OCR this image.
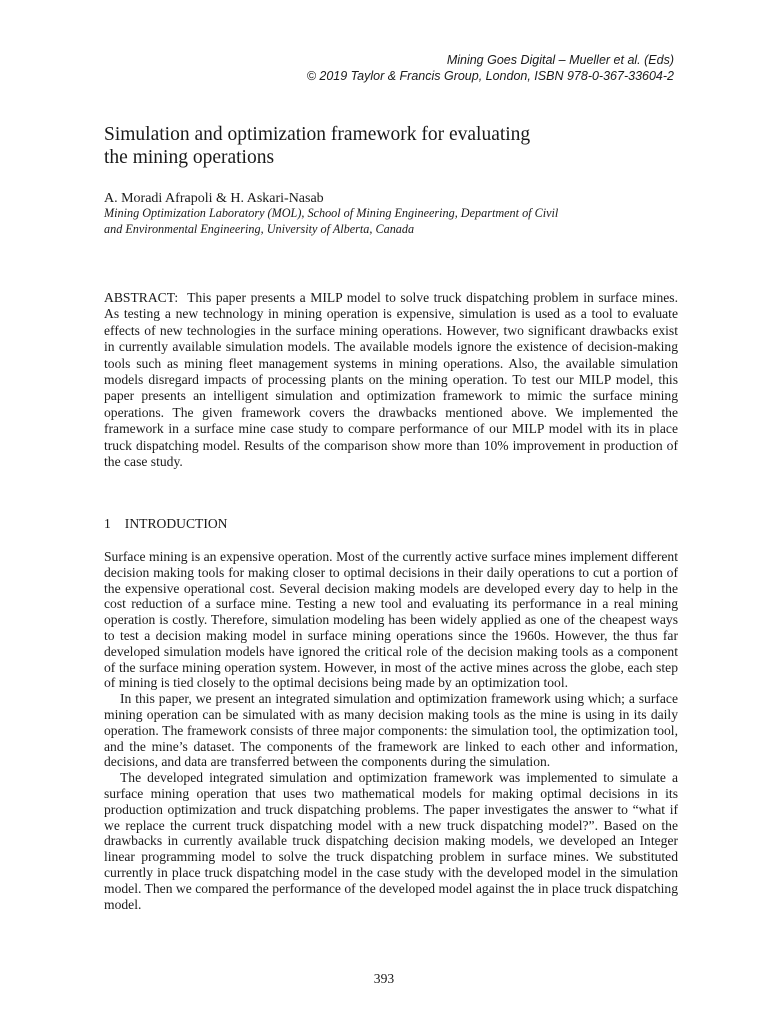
Mining Goes Digital – Mueller et al. (Eds)
© 2019 Taylor & Francis Group, London, ISBN 978-0-367-33604-2
Simulation and optimization framework for evaluating
the mining operations
A. Moradi Afrapoli & H. Askari-Nasab
Mining Optimization Laboratory (MOL), School of Mining Engineering, Department of Civil
and Environmental Engineering, University of Alberta, Canada

ABSTRACT: This paper presents a MILP model to solve truck dispatching problem in surface mines. As testing a new technology in mining operation is expensive, simulation is used as a tool to evaluate effects of new technologies in the surface mining operations. However, two significant drawbacks exist in currently available simulation models. The available models ignore the existence of decision-making tools such as mining fleet management systems in mining operations. Also, the available simulation models disregard impacts of processing plants on the mining operation. To test our MILP model, this paper presents an intelligent simulation and optimization framework to mimic the surface mining operations. The given framework covers the drawbacks mentioned above. We implemented the framework in a surface mine case study to compare performance of our MILP model with its in place truck dispatching model. Results of the comparison show more than 10% improvement in production of the case study.

1 INTRODUCTION

Surface mining is an expensive operation. Most of the currently active surface mines implement different decision making tools for making closer to optimal decisions in their daily operations to cut a portion of the expensive operational cost. Several decision making models are developed every day to help in the cost reduction of a surface mine. Testing a new tool and evaluating its performance in a real mining operation is costly. Therefore, simulation modeling has been widely applied as one of the cheapest ways to test a decision making model in surface mining operations since the 1960s. However, the thus far developed simulation models have ignored the critical role of the decision making tools as a component of the surface mining operation system. However, in most of the active mines across the globe, each step of mining is tied closely to the optimal decisions being made by an optimization tool.

In this paper, we present an integrated simulation and optimization framework using which; a surface mining operation can be simulated with as many decision making tools as the mine is using in its daily operation. The framework consists of three major components: the simulation tool, the optimization tool, and the mine’s dataset. The components of the framework are linked to each other and information, decisions, and data are transferred between the components during the simulation.

The developed integrated simulation and optimization framework was implemented to simulate a surface mining operation that uses two mathematical models for making optimal decisions in its production optimization and truck dispatching problems. The paper investigates the answer to “what if we replace the current truck dispatching model with a new truck dispatching model?”. Based on the drawbacks in currently available truck dispatching decision making models, we developed an Integer linear programming model to solve the truck dispatching problem in surface mines. We substituted currently in place truck dispatching model in the case study with the developed model in the simulation model. Then we compared the performance of the developed model against the in place truck dispatching model.

393
